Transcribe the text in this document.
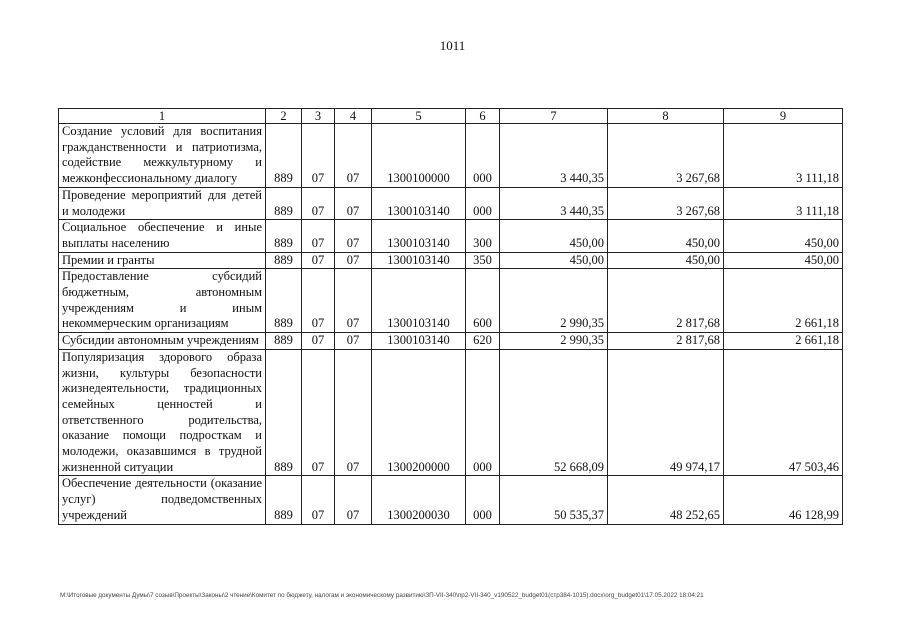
1011
1	2	3	4	5	6	7	8	9
Создание условий для воспитания гражданственности и патриотизма, содействие межкультурному и межконфессиональному диалогу	889	07	07	1300100000	000	3 440,35	3 267,68	3 111,18
Проведение мероприятий для детей и молодежи	889	07	07	1300103140	000	3 440,35	3 267,68	3 111,18
Социальное обеспечение и иные выплаты населению	889	07	07	1300103140	300	450,00	450,00	450,00
Премии и гранты	889	07	07	1300103140	350	450,00	450,00	450,00
Предоставление субсидий бюджетным, автономным учреждениям и иным некоммерческим организациям	889	07	07	1300103140	600	2 990,35	2 817,68	2 661,18
Субсидии автономным учреждениям	889	07	07	1300103140	620	2 990,35	2 817,68	2 661,18
Популяризация здорового образа жизни, культуры безопасности жизнедеятельности, традиционных семейных ценностей и ответственного родительства, оказание помощи подросткам и молодежи, оказавшимся в трудной жизненной ситуации	889	07	07	1300200000	000	52 668,09	49 974,17	47 503,46
Обеспечение деятельности (оказание услуг) подведомственных учреждений	889	07	07	1300200030	000	50 535,37	48 252,65	46 128,99
M:\Итоговые документы Думы\7 созыв\Проекты\Законы\2 чтение\Комитет по бюджету, налогам и экономическому развитию\ЗП-VII-340\пр2-VII-340_v190522_budget01(стр384-1015).docx\org_budget01\17.05.2022 18:04:21
